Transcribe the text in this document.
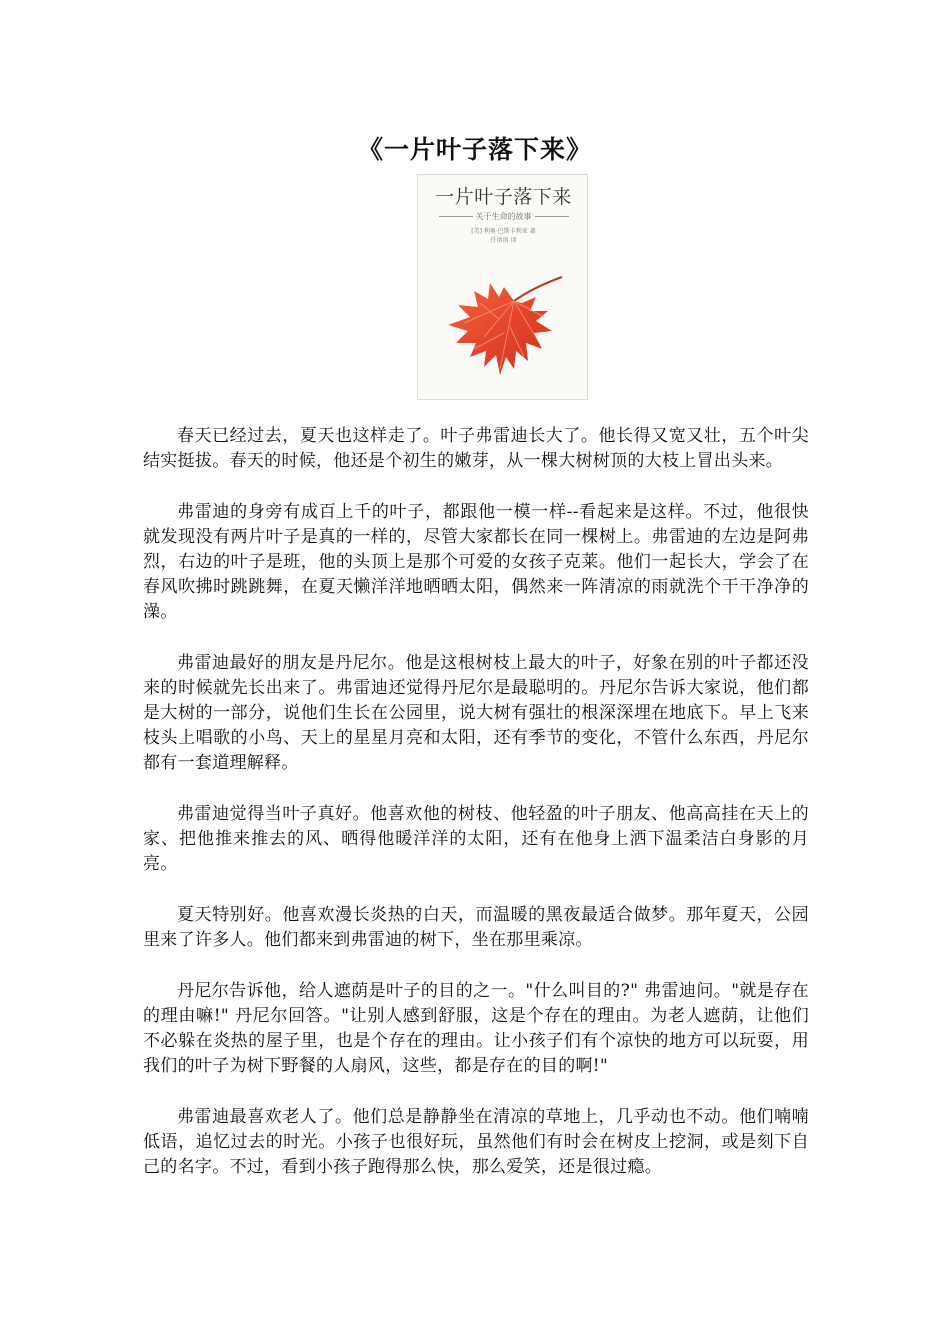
《一片叶子落下来》
一片叶子落下来
关于生命的故事
[美] 利奥·巴斯卡利亚 著
任溶溶 译

春天已经过去，夏天也这样走了。叶子弗雷迪长大了。他长得又宽又壮，五个叶尖结实挺拔。春天的时候，他还是个初生的嫩芽，从一棵大树树顶的大枝上冒出头来。

弗雷迪的身旁有成百上千的叶子，都跟他一模一样--看起来是这样。不过，他很快就发现没有两片叶子是真的一样的，尽管大家都长在同一棵树上。弗雷迪的左边是阿弗烈，右边的叶子是班，他的头顶上是那个可爱的女孩子克莱。他们一起长大，学会了在春风吹拂时跳跳舞，在夏天懒洋洋地晒晒太阳，偶然来一阵清凉的雨就洗个干干净净的澡。

弗雷迪最好的朋友是丹尼尔。他是这根树枝上最大的叶子，好象在别的叶子都还没来的时候就先长出来了。弗雷迪还觉得丹尼尔是最聪明的。丹尼尔告诉大家说，他们都是大树的一部分，说他们生长在公园里，说大树有强壮的根深深埋在地底下。早上飞来枝头上唱歌的小鸟、天上的星星月亮和太阳，还有季节的变化，不管什么东西，丹尼尔都有一套道理解释。

弗雷迪觉得当叶子真好。他喜欢他的树枝、他轻盈的叶子朋友、他高高挂在天上的家、把他推来推去的风、晒得他暖洋洋的太阳，还有在他身上洒下温柔洁白身影的月亮。

夏天特别好。他喜欢漫长炎热的白天，而温暖的黑夜最适合做梦。那年夏天，公园里来了许多人。他们都来到弗雷迪的树下，坐在那里乘凉。

丹尼尔告诉他，给人遮荫是叶子的目的之一。"什么叫目的?" 弗雷迪问。"就是存在的理由嘛!" 丹尼尔回答。"让别人感到舒服，这是个存在的理由。为老人遮荫，让他们不必躲在炎热的屋子里，也是个存在的理由。让小孩子们有个凉快的地方可以玩耍，用我们的叶子为树下野餐的人扇风，这些，都是存在的目的啊!"

弗雷迪最喜欢老人了。他们总是静静坐在清凉的草地上，几乎动也不动。他们喃喃低语，追忆过去的时光。小孩子也很好玩，虽然他们有时会在树皮上挖洞，或是刻下自己的名字。不过，看到小孩子跑得那么快，那么爱笑，还是很过瘾。
